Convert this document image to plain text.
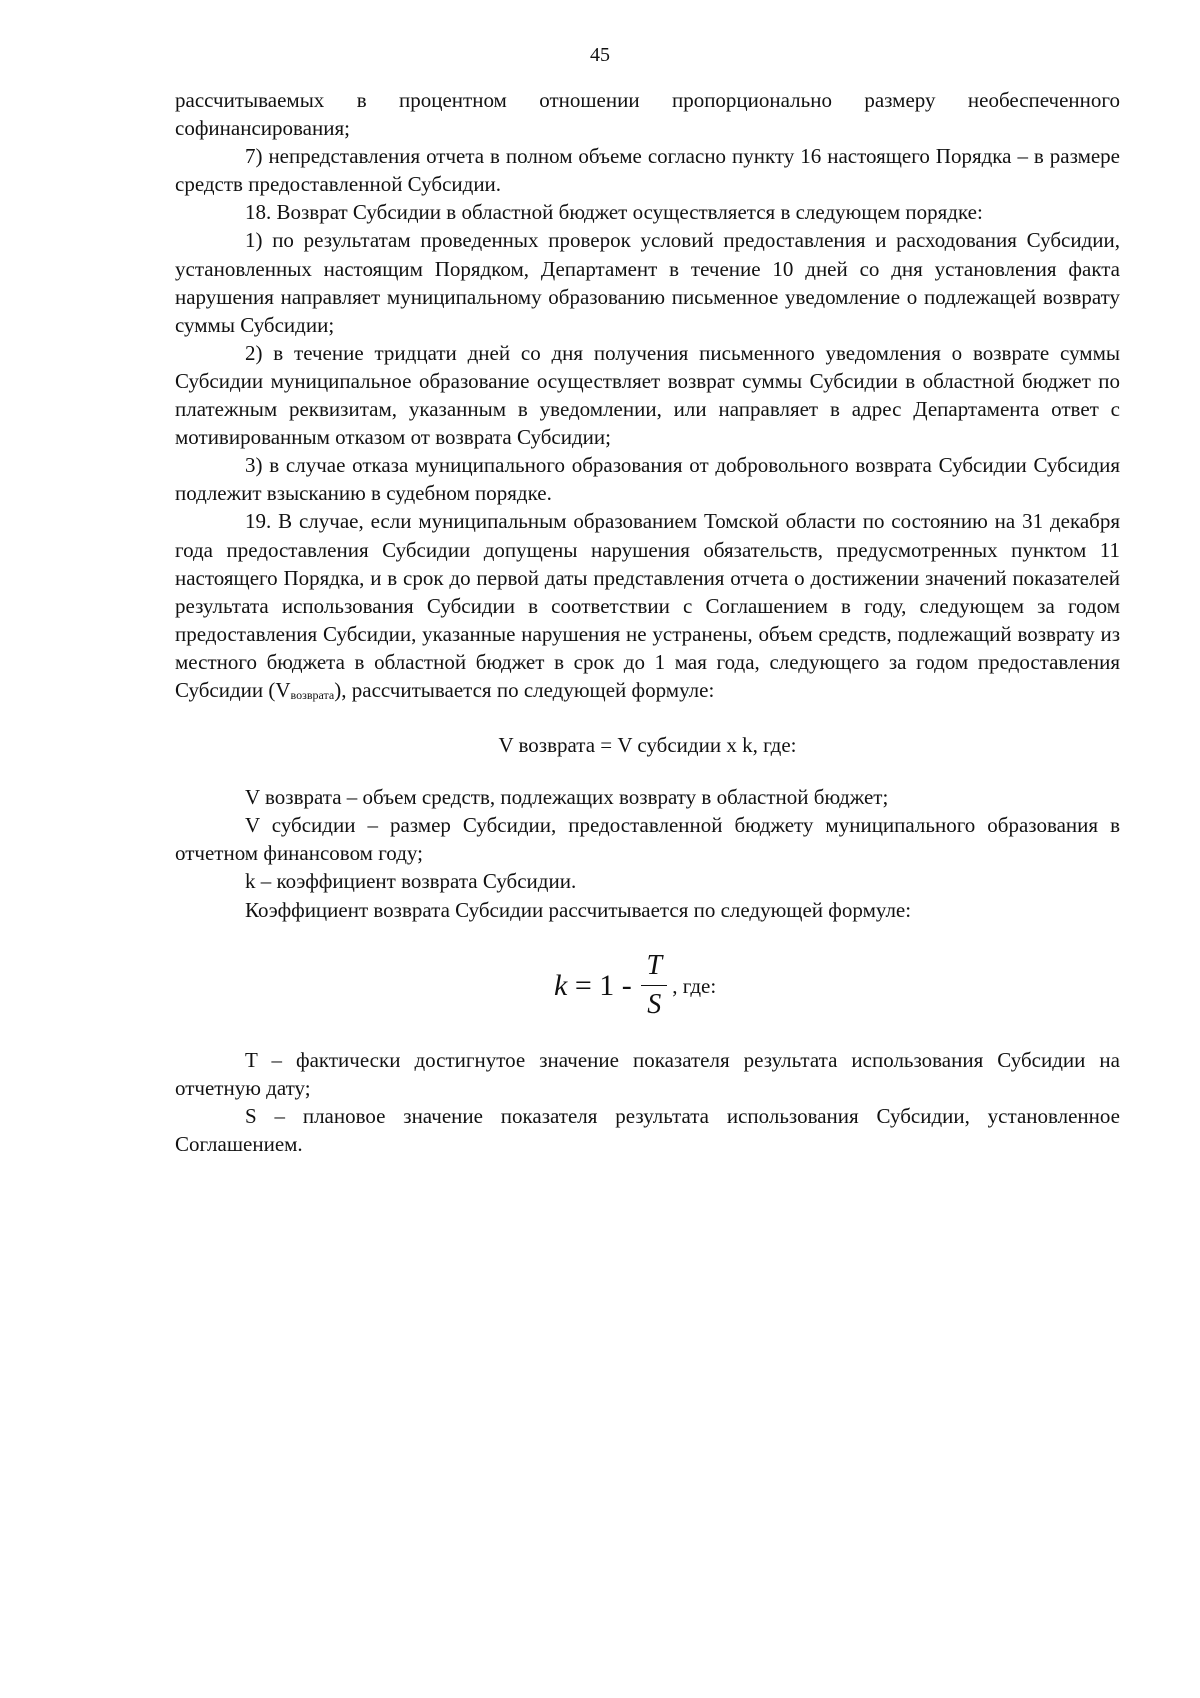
45

рассчитываемых в процентном отношении пропорционально размеру необеспеченного софинансирования;

7) непредставления отчета в полном объеме согласно пункту 16 настоящего Порядка – в размере средств предоставленной Субсидии.

18. Возврат Субсидии в областной бюджет осуществляется в следующем порядке:

1) по результатам проведенных проверок условий предоставления и расходования Субсидии, установленных настоящим Порядком, Департамент в течение 10 дней со дня установления факта нарушения направляет муниципальному образованию письменное уведомление о подлежащей возврату суммы Субсидии;

2) в течение тридцати дней со дня получения письменного уведомления о возврате суммы Субсидии муниципальное образование осуществляет возврат суммы Субсидии в областной бюджет по платежным реквизитам, указанным в уведомлении, или направляет в адрес Департамента ответ с мотивированным отказом от возврата Субсидии;

3) в случае отказа муниципального образования от добровольного возврата Субсидии Субсидия подлежит взысканию в судебном порядке.

19. В случае, если муниципальным образованием Томской области по состоянию на 31 декабря года предоставления Субсидии допущены нарушения обязательств, предусмотренных пунктом 11 настоящего Порядка, и в срок до первой даты представления отчета о достижении значений показателей результата использования Субсидии в соответствии с Соглашением в году, следующем за годом предоставления Субсидии, указанные нарушения не устранены, объем средств, подлежащий возврату из местного бюджета в областной бюджет в срок до 1 мая года, следующего за годом предоставления Субсидии $(V_{возврата})$, рассчитывается по следующей формуле:

V возврата = V субсидии x k, где:

V возврата – объем средств, подлежащих возврату в областной бюджет;

V субсидии – размер Субсидии, предоставленной бюджету муниципального образования в отчетном финансовом году;

k – коэффициент возврата Субсидии.

Коэффициент возврата Субсидии рассчитывается по следующей формуле:

$k = 1 - \frac{T}{S}$ , где:

T – фактически достигнутое значение показателя результата использования Субсидии на отчетную дату;

S – плановое значение показателя результата использования Субсидии, установленное Соглашением.
